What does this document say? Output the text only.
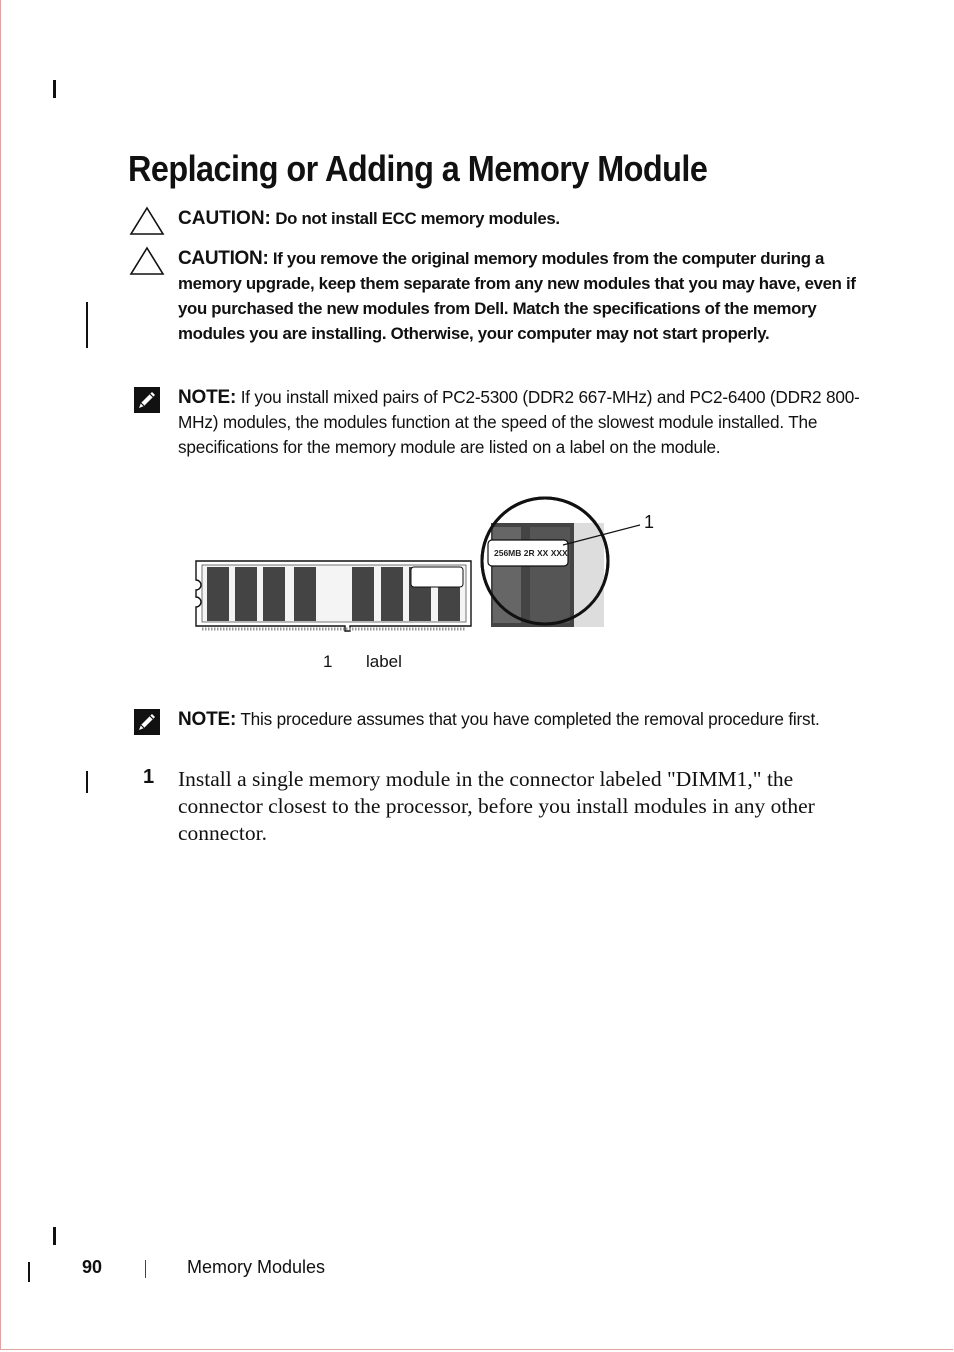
Replacing or Adding a Memory Module
CAUTION: Do not install ECC memory modules.
CAUTION: If you remove the original memory modules from the computer during a memory upgrade, keep them separate from any new modules that you may have, even if you purchased the new modules from Dell. Match the specifications of the memory modules you are installing. Otherwise, your computer may not start properly.
NOTE: If you install mixed pairs of PC2-5300 (DDR2 667-MHz) and PC2-6400 (DDR2 800-MHz) modules, the modules function at the speed of the slowest module installed. The specifications for the memory module are listed on a label on the module.
256MB 2R XX XXX
1
1 label
NOTE: This procedure assumes that you have completed the removal procedure first.
1 Install a single memory module in the connector labeled "DIMM1," the connector closest to the processor, before you install modules in any other connector.
90	Memory Modules
